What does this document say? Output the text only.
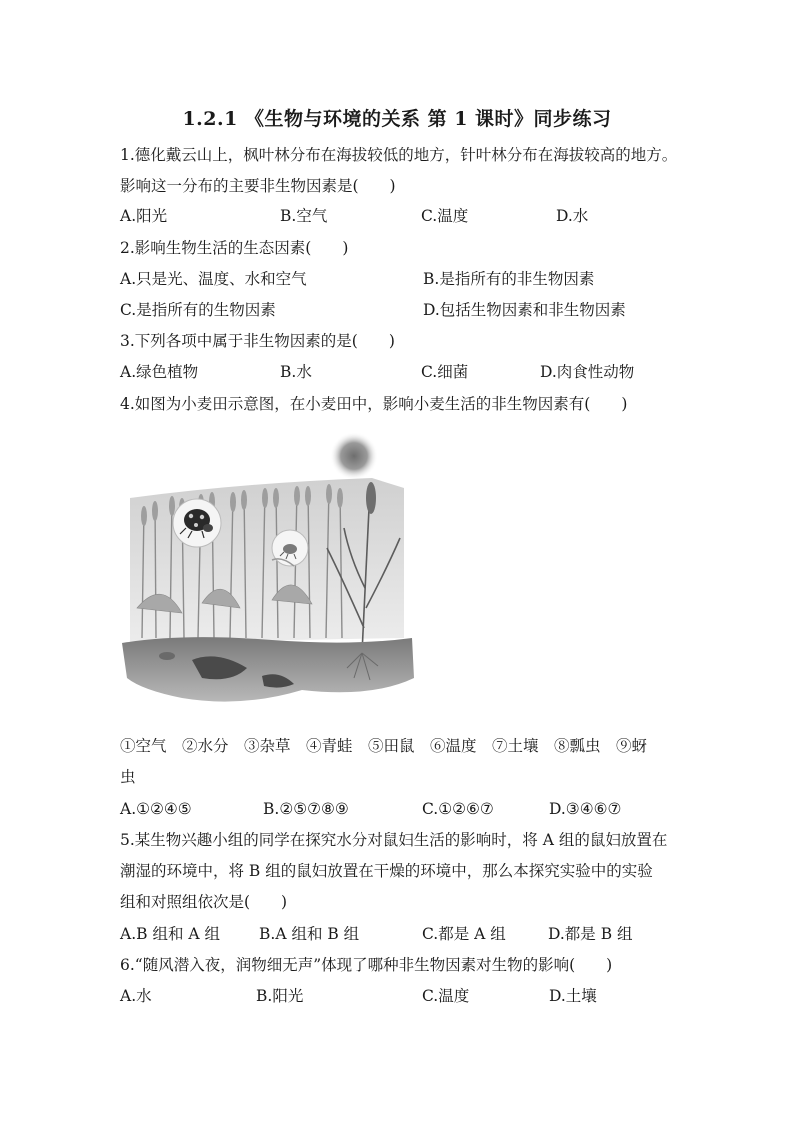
1.2.1 《生物与环境的关系 第 1 课时》同步练习
1.德化戴云山上，枫叶林分布在海拔较低的地方，针叶林分布在海拔较高的地方。
影响这一分布的主要非生物因素是(　　)
A.阳光	B.空气	C.温度	D.水
2.影响生物生活的生态因素(　　)
A.只是光、温度、水和空气	B.是指所有的非生物因素
C.是指所有的生物因素	D.包括生物因素和非生物因素
3.下列各项中属于非生物因素的是(　　)
A.绿色植物	B.水	C.细菌	D.肉食性动物
4.如图为小麦田示意图，在小麦田中，影响小麦生活的非生物因素有(　　)
①空气　②水分　③杂草　④青蛙　⑤田鼠　⑥温度　⑦土壤　⑧瓢虫　⑨蚜
虫
A.①②④⑤	B.②⑤⑦⑧⑨	C.①②⑥⑦	D.③④⑥⑦
5.某生物兴趣小组的同学在探究水分对鼠妇生活的影响时，将 A 组的鼠妇放置在
潮湿的环境中，将 B 组的鼠妇放置在干燥的环境中，那么本探究实验中的实验
组和对照组依次是(　　)
A.B 组和 A 组	B.A 组和 B 组	C.都是 A 组	D.都是 B 组
6.“随风潜入夜，润物细无声”体现了哪种非生物因素对生物的影响(　　)
A.水	B.阳光	C.温度	D.土壤
